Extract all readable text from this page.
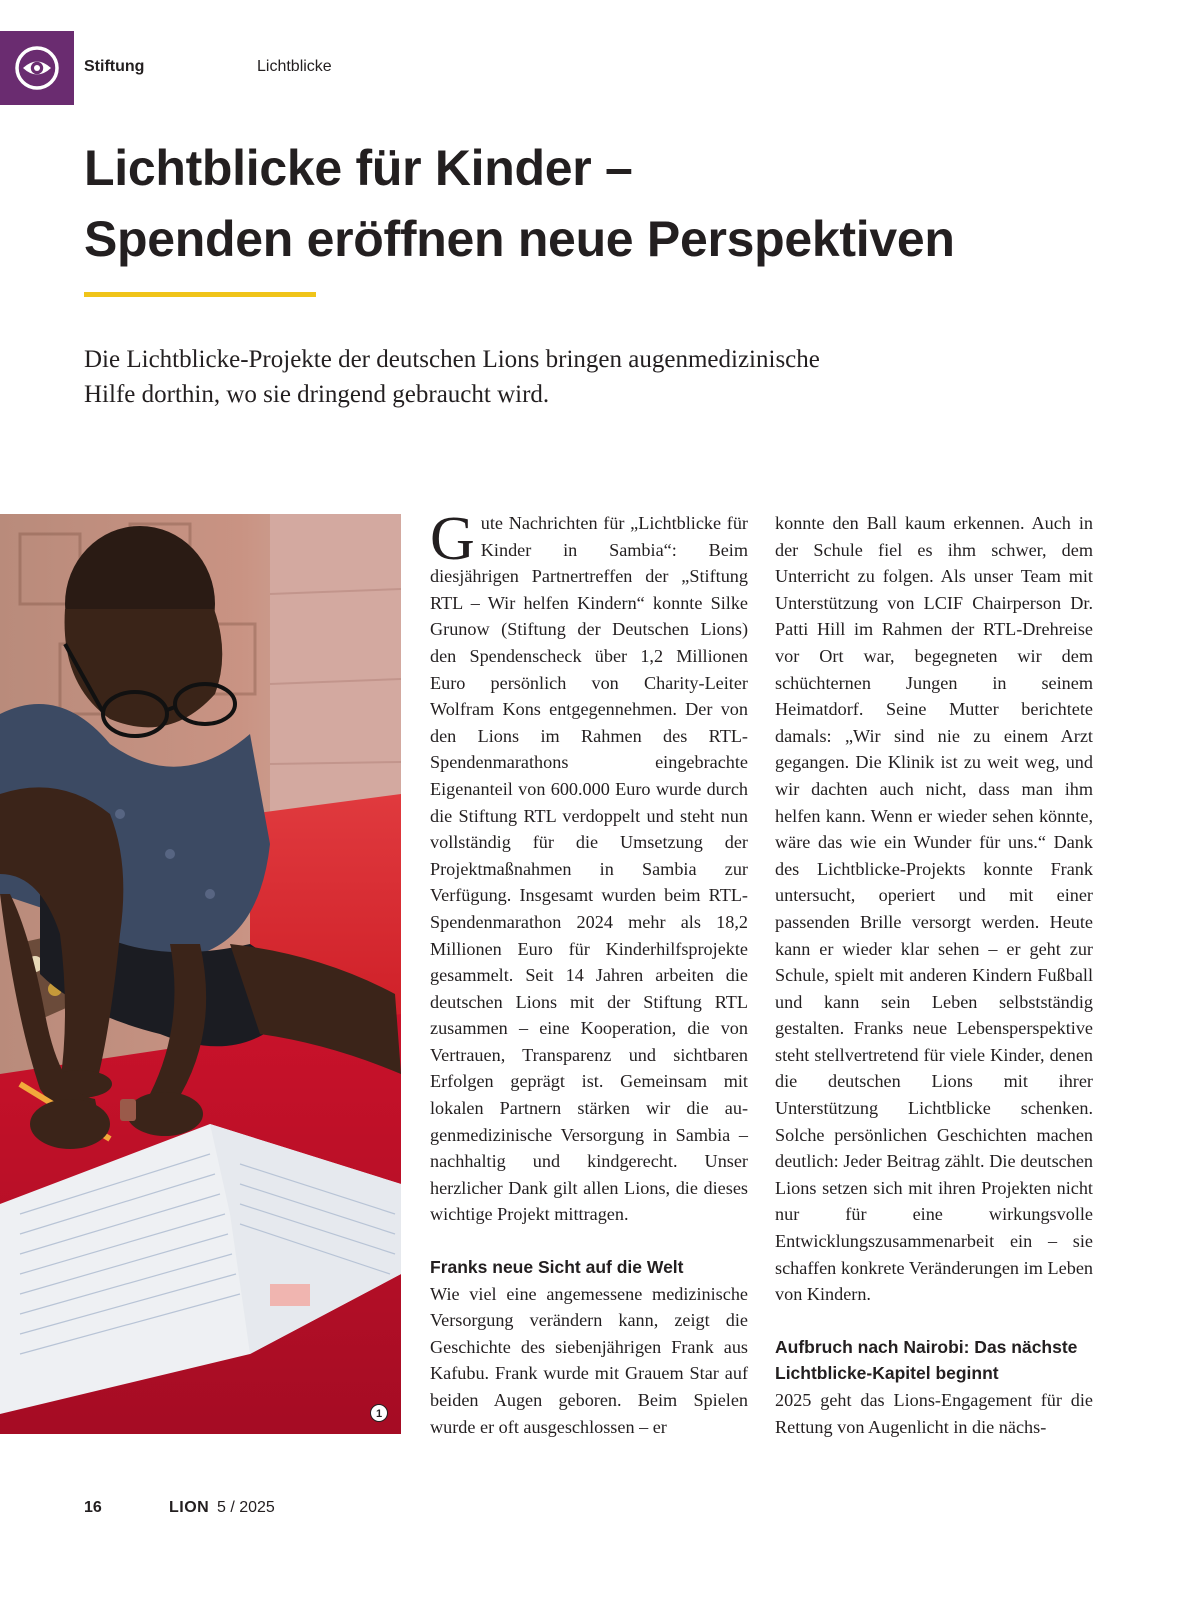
Stiftung	Lichtblicke
Lichtblicke für Kinder –
Spenden eröffnen neue Perspektiven

Die Lichtblicke-Projekte der deutschen Lions bringen augenmedizinische
Hilfe dorthin, wo sie dringend gebraucht wird.

1

Gute Nachrichten für „Lichtblicke für Kinder in Sambia“: Beim diesjährigen Partnertreffen der „Stiftung RTL – Wir helfen Kindern“ konnte Silke Grunow (Stiftung der Deutschen Lions) den Spendenscheck über 1,2 Millionen Euro persönlich von Charity-Leiter Wolfram Kons entgegennehmen. Der von den Lions im Rahmen des RTL-Spendenmarathons eingebrachte Eigenanteil von 600.000 Euro wurde durch die Stiftung RTL verdoppelt und steht nun vollständig für die Umsetzung der Projektmaßnahmen in Sambia zur Verfügung. Insgesamt wurden beim RTL-Spendenmarathon 2024 mehr als 18,2 Millionen Euro für Kinderhilfsprojekte gesammelt. Seit 14 Jahren arbeiten die deutschen Lions mit der Stiftung RTL zusammen – eine Kooperation, die von Vertrauen, Transparenz und sichtbaren Erfolgen geprägt ist. Gemeinsam mit lokalen Partnern stärken wir die augenmedizinische Versorgung in Sambia – nachhaltig und kindgerecht. Unser herzlicher Dank gilt allen Lions, die dieses wichtige Projekt mittragen.

Franks neue Sicht auf die Welt

Wie viel eine angemessene medizinische Versorgung verändern kann, zeigt die Geschichte des siebenjährigen Frank aus Kafubu. Frank wurde mit Grauem Star auf beiden Augen geboren. Beim Spielen wurde er oft ausgeschlossen – er

konnte den Ball kaum erkennen. Auch in der Schule fiel es ihm schwer, dem Unterricht zu folgen. Als unser Team mit Unterstützung von LCIF Chairperson Dr. Patti Hill im Rahmen der RTL-Drehreise vor Ort war, begegneten wir dem schüchternen Jungen in seinem Heimatdorf. Seine Mutter berichtete damals: „Wir sind nie zu einem Arzt gegangen. Die Klinik ist zu weit weg, und wir dachten auch nicht, dass man ihm helfen kann. Wenn er wieder sehen könnte, wäre das wie ein Wunder für uns.“ Dank des Lichtblicke-Projekts konnte Frank untersucht, operiert und mit einer passenden Brille versorgt werden. Heute kann er wieder klar sehen – er geht zur Schule, spielt mit anderen Kindern Fußball und kann sein Leben selbstständig gestalten. Franks neue Lebensperspektive steht stellvertretend für viele Kinder, denen die deutschen Lions mit ihrer Unterstützung Lichtblicke schenken. Solche persönlichen Geschichten machen deutlich: Jeder Beitrag zählt. Die deutschen Lions setzen sich mit ihren Projekten nicht nur für eine wirkungsvolle Entwicklungszusammenarbeit ein – sie schaffen konkrete Veränderungen im Leben von Kindern.

Aufbruch nach Nairobi: Das nächste Lichtblicke-Kapitel beginnt

2025 geht das Lions-Engagement für die Rettung von Augenlicht in die nächs-

16	LION 5 / 2025
